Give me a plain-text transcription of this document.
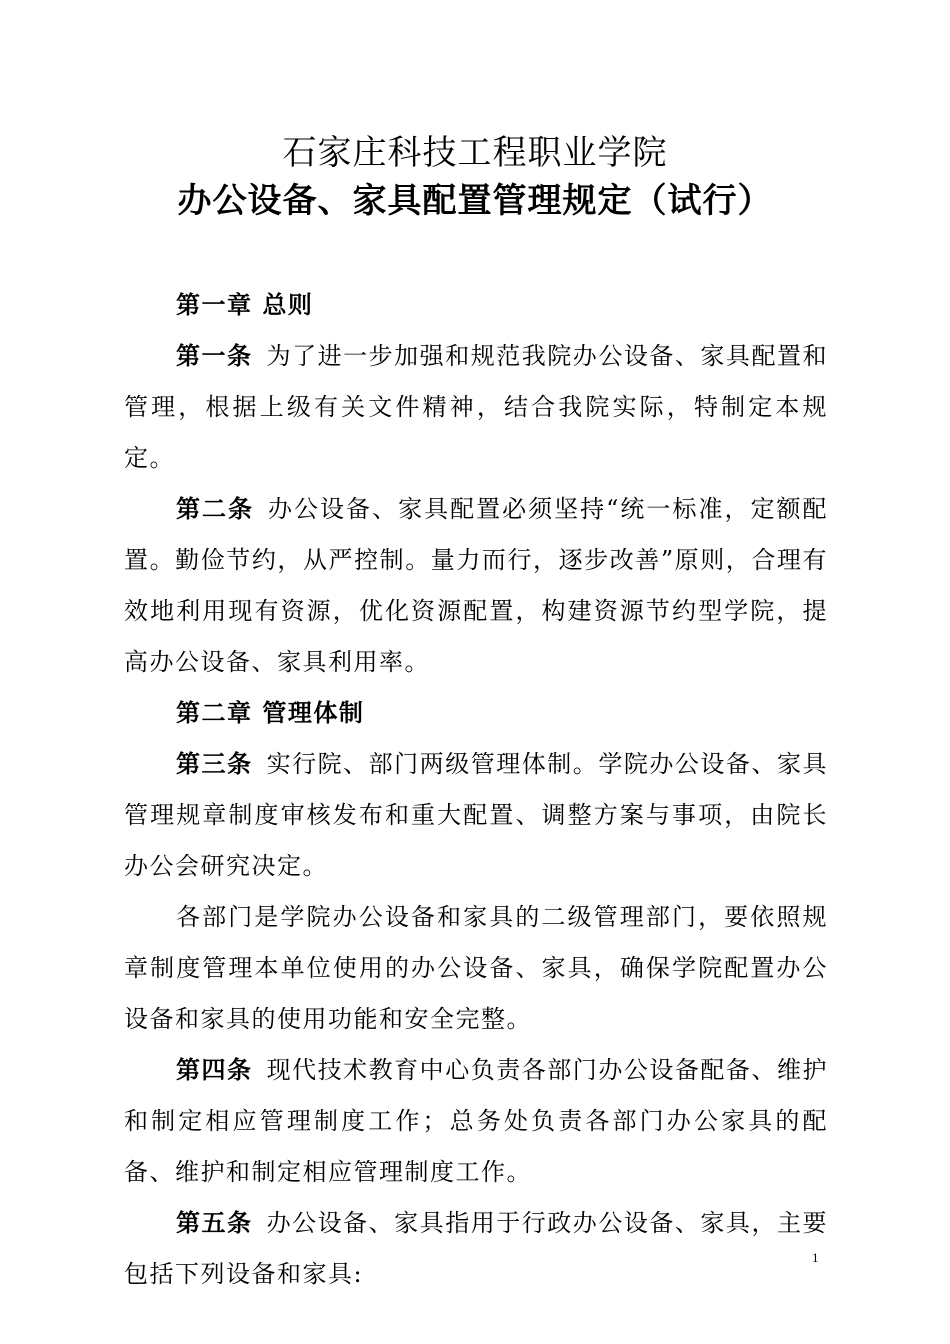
石家庄科技工程职业学院
办公设备、家具配置管理规定（试行）

第一章 总则

第一条 为了进一步加强和规范我院办公设备、家具配置和管理，根据上级有关文件精神，结合我院实际，特制定本规定。

第二条 办公设备、家具配置必须坚持“统一标准，定额配置。勤俭节约，从严控制。量力而行，逐步改善”原则，合理有效地利用现有资源，优化资源配置，构建资源节约型学院，提高办公设备、家具利用率。

第二章 管理体制

第三条 实行院、部门两级管理体制。学院办公设备、家具管理规章制度审核发布和重大配置、调整方案与事项，由院长办公会研究决定。

各部门是学院办公设备和家具的二级管理部门，要依照规章制度管理本单位使用的办公设备、家具，确保学院配置办公设备和家具的使用功能和安全完整。

第四条 现代技术教育中心负责各部门办公设备配备、维护和制定相应管理制度工作；总务处负责各部门办公家具的配备、维护和制定相应管理制度工作。

第五条 办公设备、家具指用于行政办公设备、家具，主要包括下列设备和家具:

1
